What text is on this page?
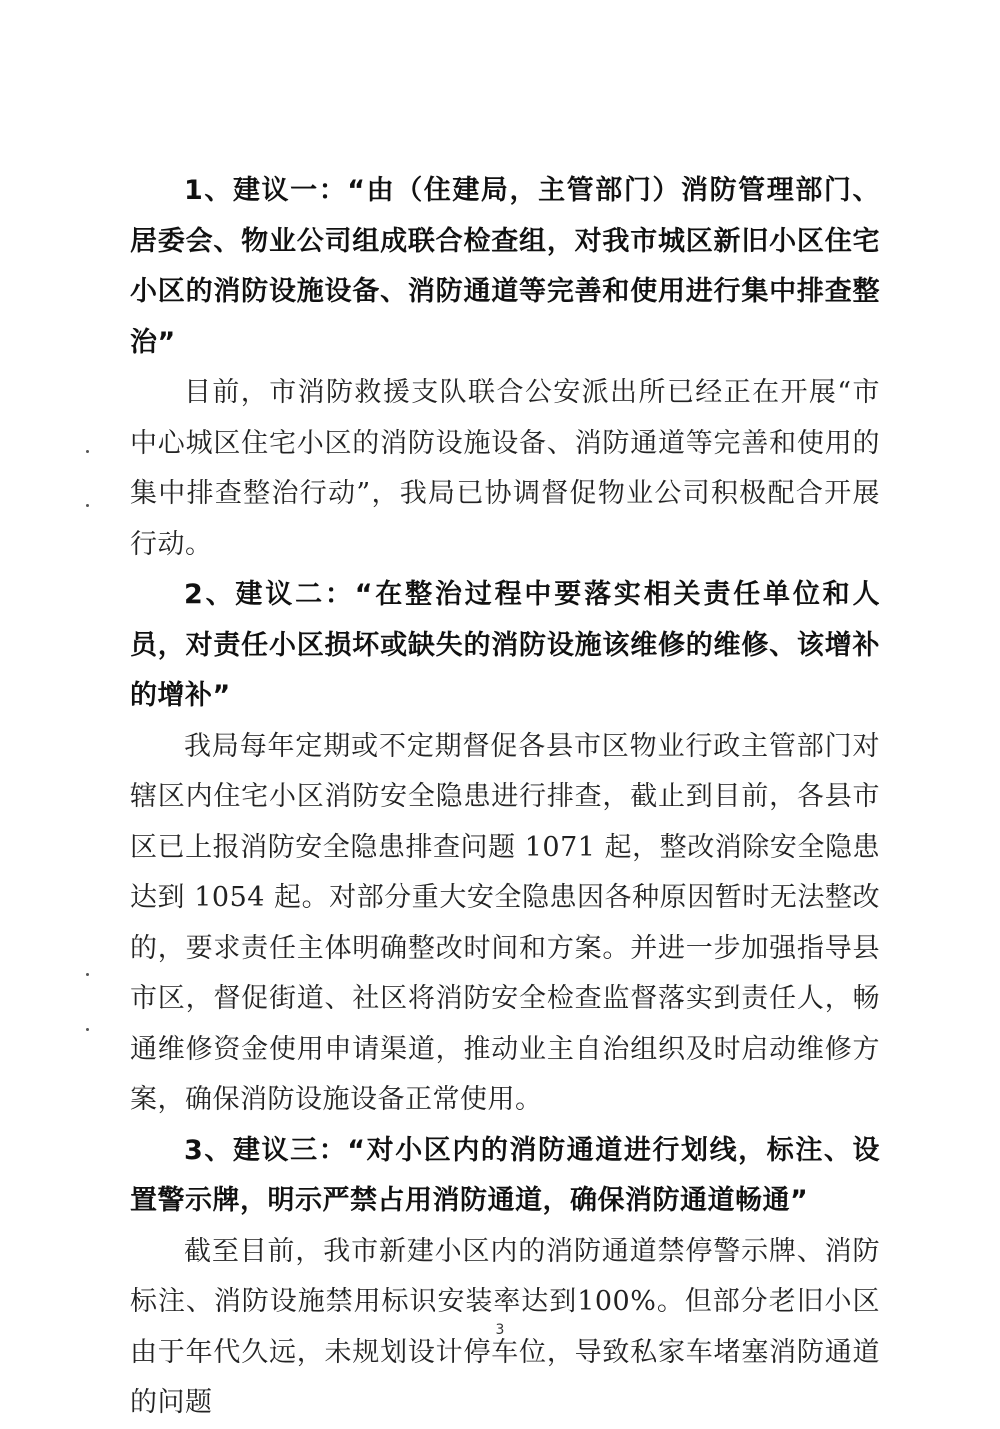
1、建议一：“由（住建局，主管部门）消防管理部门、居委会、物业公司组成联合检查组，对我市城区新旧小区住宅小区的消防设施设备、消防通道等完善和使用进行集中排查整治”

目前，市消防救援支队联合公安派出所已经正在开展“市中心城区住宅小区的消防设施设备、消防通道等完善和使用的集中排查整治行动”，我局已协调督促物业公司积极配合开展行动。

2、建议二：“在整治过程中要落实相关责任单位和人员，对责任小区损坏或缺失的消防设施该维修的维修、该增补的增补”

我局每年定期或不定期督促各县市区物业行政主管部门对辖区内住宅小区消防安全隐患进行排查，截止到目前，各县市区已上报消防安全隐患排查问题 1071 起，整改消除安全隐患达到 1054 起。对部分重大安全隐患因各种原因暂时无法整改的，要求责任主体明确整改时间和方案。并进一步加强指导县市区，督促街道、社区将消防安全检查监督落实到责任人，畅通维修资金使用申请渠道，推动业主自治组织及时启动维修方案，确保消防设施设备正常使用。

3、建议三：“对小区内的消防通道进行划线，标注、设置警示牌，明示严禁占用消防通道，确保消防通道畅通”

截至目前，我市新建小区内的消防通道禁停警示牌、消防标注、消防设施禁用标识安装率达到100%。但部分老旧小区由于年代久远，未规划设计停车位，导致私家车堵塞消防通道的问题

3
